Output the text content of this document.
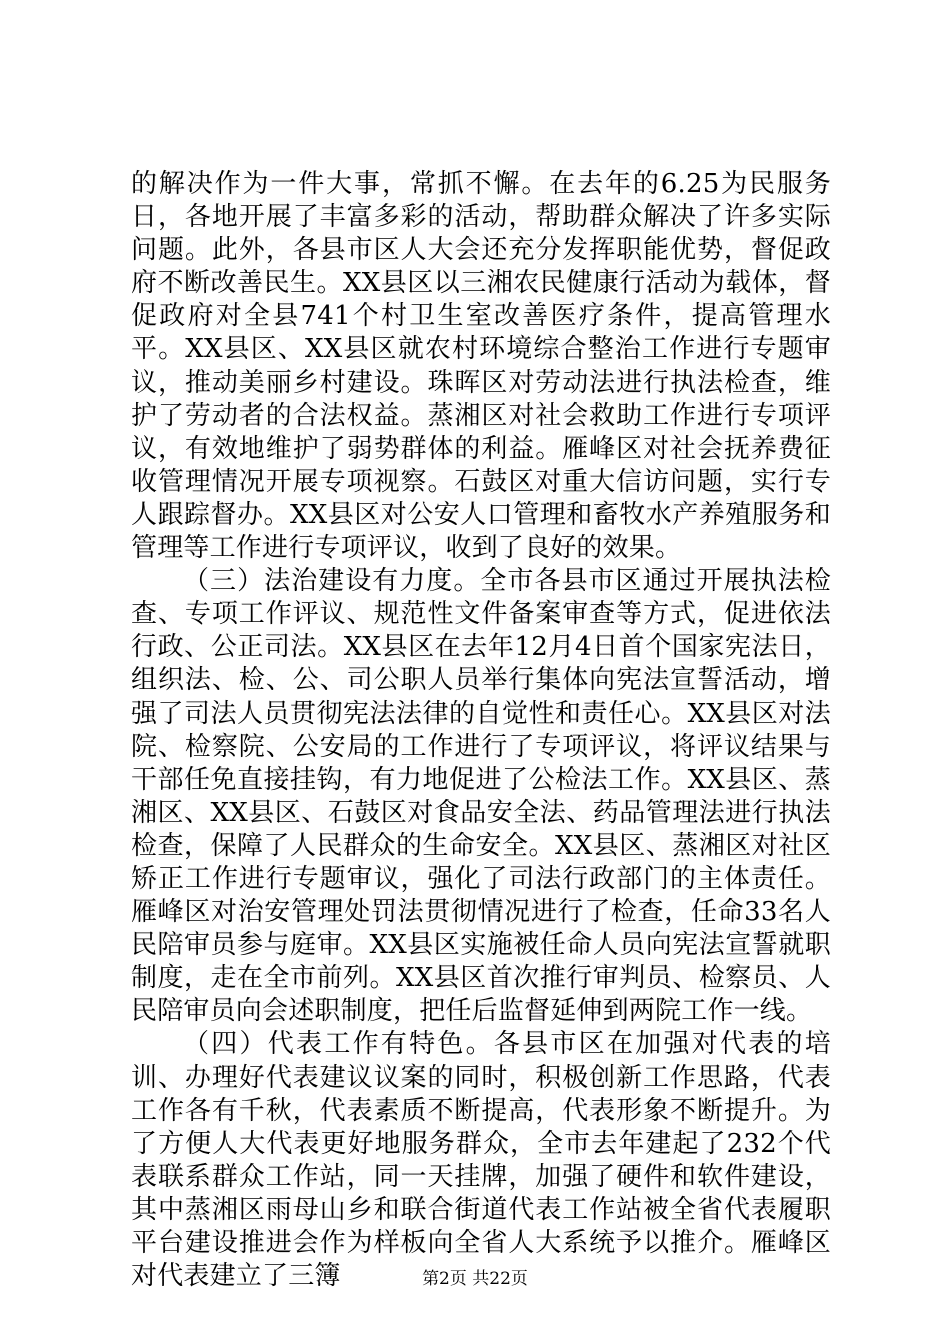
的解决作为一件大事，常抓不懈。在去年的6.25为民服务日，各地开展了丰富多彩的活动，帮助群众解决了许多实际问题。此外，各县市区人大会还充分发挥职能优势，督促政府不断改善民生。XX县区以三湘农民健康行活动为载体，督促政府对全县741个村卫生室改善医疗条件，提高管理水平。XX县区、XX县区就农村环境综合整治工作进行专题审议，推动美丽乡村建设。珠晖区对劳动法进行执法检查，维护了劳动者的合法权益。蒸湘区对社会救助工作进行专项评议，有效地维护了弱势群体的利益。雁峰区对社会抚养费征收管理情况开展专项视察。石鼓区对重大信访问题，实行专人跟踪督办。XX县区对公安人口管理和畜牧水产养殖服务和管理等工作进行专项评议，收到了良好的效果。

（三）法治建设有力度。全市各县市区通过开展执法检查、专项工作评议、规范性文件备案审查等方式，促进依法行政、公正司法。XX县区在去年12月4日首个国家宪法日，组织法、检、公、司公职人员举行集体向宪法宣誓活动，增强了司法人员贯彻宪法法律的自觉性和责任心。XX县区对法院、检察院、公安局的工作进行了专项评议，将评议结果与干部任免直接挂钩，有力地促进了公检法工作。XX县区、蒸湘区、XX县区、石鼓区对食品安全法、药品管理法进行执法检查，保障了人民群众的生命安全。XX县区、蒸湘区对社区矫正工作进行专题审议，强化了司法行政部门的主体责任。雁峰区对治安管理处罚法贯彻情况进行了检查，任命33名人民陪审员参与庭审。XX县区实施被任命人员向宪法宣誓就职制度，走在全市前列。XX县区首次推行审判员、检察员、人民陪审员向会述职制度，把任后监督延伸到两院工作一线。

（四）代表工作有特色。各县市区在加强对代表的培训、办理好代表建议议案的同时，积极创新工作思路，代表工作各有千秋，代表素质不断提高，代表形象不断提升。为了方便人大代表更好地服务群众，全市去年建起了232个代表联系群众工作站，同一天挂牌，加强了硬件和软件建设，其中蒸湘区雨母山乡和联合街道代表工作站被全省代表履职平台建设推进会作为样板向全省人大系统予以推介。雁峰区对代表建立了三簿	第2页 共22页
